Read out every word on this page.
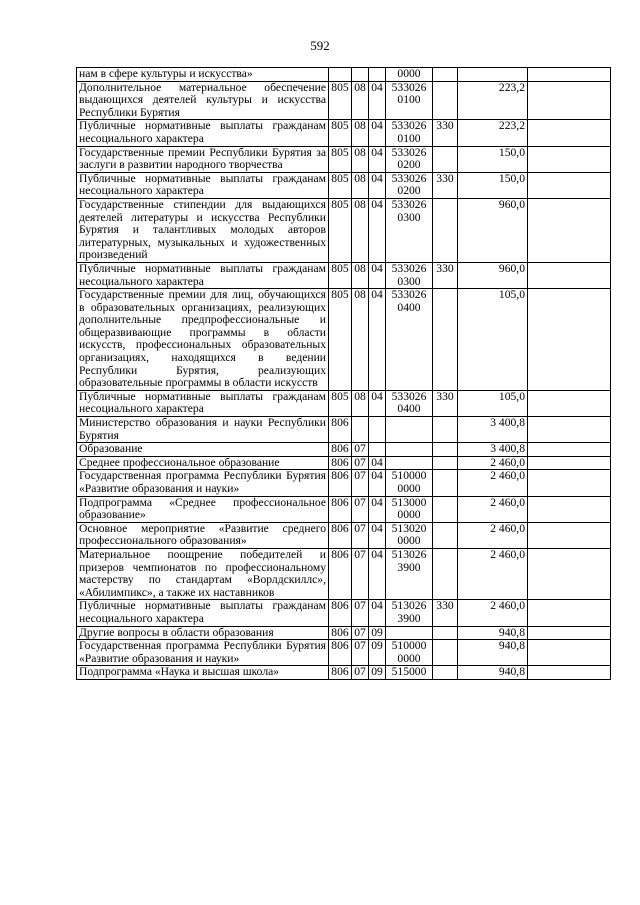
592
нам в сфере культуры и искусства»				0000			
Дополнительное материальное обеспечение выдающихся деятелей культуры и искусства Республики Бурятия	805	08	04	533026 0100		223,2	
Публичные нормативные выплаты гражданам несоциального характера	805	08	04	533026 0100	330	223,2	
Государственные премии Республики Бурятия за заслуги в развитии народного творчества	805	08	04	533026 0200		150,0	
Публичные нормативные выплаты гражданам несоциального характера	805	08	04	533026 0200	330	150,0	
Государственные стипендии для выдающихся деятелей литературы и искусства Республики Бурятия и талантливых молодых авторов литературных, музыкальных и художественных произведений	805	08	04	533026 0300		960,0	
Публичные нормативные выплаты гражданам несоциального характера	805	08	04	533026 0300	330	960,0	
Государственные премии для лиц, обучающихся в образовательных организациях, реализующих дополнительные предпрофессиональные и общеразвивающие программы в области искусств, профессиональных образовательных организациях, находящихся в ведении Республики Бурятия, реализующих образовательные программы в области искусств	805	08	04	533026 0400		105,0	
Публичные нормативные выплаты гражданам несоциального характера	805	08	04	533026 0400	330	105,0	
Министерство образования и науки Республики Бурятия	806					3 400,8	
Образование	806	07				3 400,8	
Среднее профессиональное образование	806	07	04			2 460,0	
Государственная программа Республики Бурятия «Развитие образования и науки»	806	07	04	510000 0000		2 460,0	
Подпрограмма «Среднее профессиональное образование»	806	07	04	513000 0000		2 460,0	
Основное мероприятие «Развитие среднего профессионального образования»	806	07	04	513020 0000		2 460,0	
Материальное поощрение победителей и призеров чемпионатов по профессиональному мастерству по стандартам «Ворлдскиллс», «Абилимпикс», а также их наставников	806	07	04	513026 3900		2 460,0	
Публичные нормативные выплаты гражданам несоциального характера	806	07	04	513026 3900	330	2 460,0	
Другие вопросы в области образования	806	07	09			940,8	
Государственная программа Республики Бурятия «Развитие образования и науки»	806	07	09	510000 0000		940,8	
Подпрограмма «Наука и высшая школа»	806	07	09	515000		940,8	
